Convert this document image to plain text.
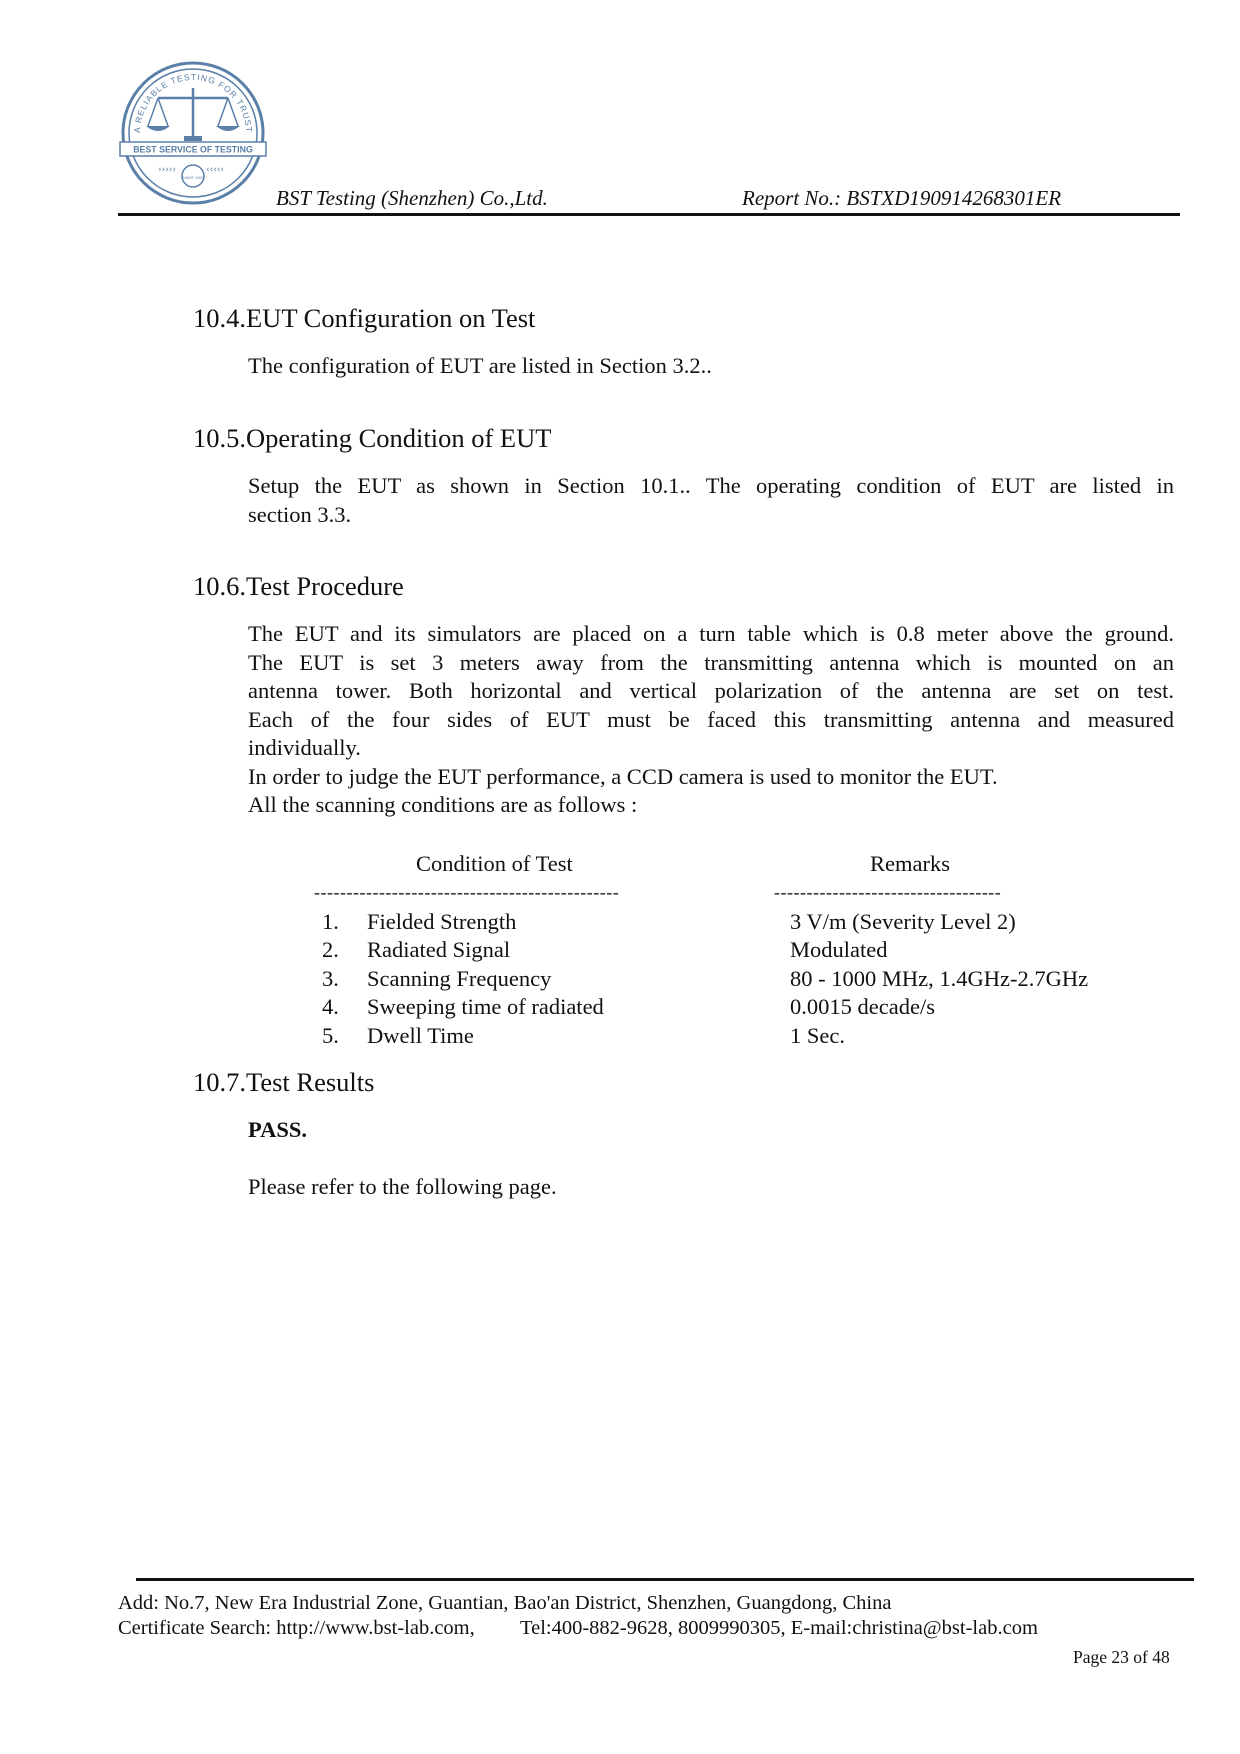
A RELIABLE TESTING FOR TRUST
BEST SERVICE OF TESTING
›››››	‹‹‹‹‹
SINCE 1901
BST Testing (Shenzhen) Co.,Ltd.	Report No.: BSTXD190914268301ER
10.4.EUT Configuration on Test
The configuration of EUT are listed in Section 3.2..
10.5.Operating Condition of EUT
Setup the EUT as shown in Section 10.1.. The operating condition of EUT are listed in
section 3.3.
10.6.Test Procedure
The EUT and its simulators are placed on a turn table which is 0.8 meter above the ground.
The EUT is set 3 meters away from the transmitting antenna which is mounted on an
antenna tower. Both horizontal and vertical polarization of the antenna are set on test.
Each of the four sides of EUT must be faced this transmitting antenna and measured
individually.
In order to judge the EUT performance, a CCD camera is used to monitor the EUT.
All the scanning conditions are as follows :
Condition of Test	Remarks
-----------------------------------------------	-----------------------------------
1. Fielded Strength	3 V/m (Severity Level 2)
2. Radiated Signal	Modulated
3. Scanning Frequency	80 - 1000 MHz, 1.4GHz-2.7GHz
4. Sweeping time of radiated	0.0015 decade/s
5. Dwell Time	1 Sec.
10.7.Test Results
PASS.
Please refer to the following page.
Add: No.7, New Era Industrial Zone, Guantian, Bao'an District, Shenzhen, Guangdong, China
Certificate Search: http://www.bst-lab.com, Tel:400-882-9628, 8009990305, E-mail:christina@bst-lab.com
Page 23 of 48
